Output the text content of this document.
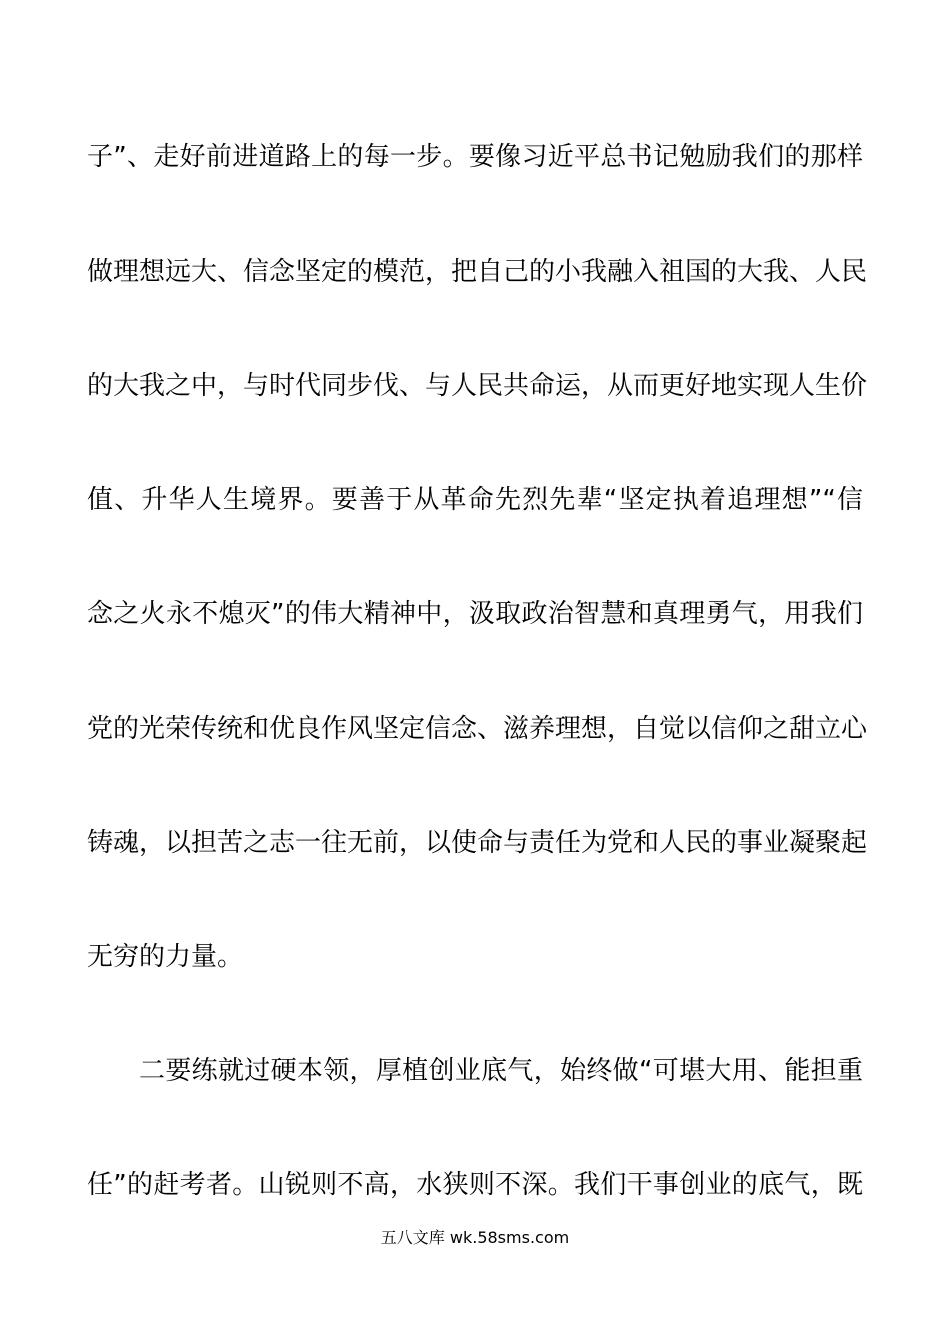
子”、走好前进道路上的每一步。要像习近平总书记勉励我们的那样
做理想远大、信念坚定的模范，把自己的小我融入祖国的大我、人民
的大我之中，与时代同步伐、与人民共命运，从而更好地实现人生价
值、升华人生境界。要善于从革命先烈先辈“坚定执着追理想”“信
念之火永不熄灭”的伟大精神中，汲取政治智慧和真理勇气，用我们
党的光荣传统和优良作风坚定信念、滋养理想，自觉以信仰之甜立心
铸魂，以担苦之志一往无前，以使命与责任为党和人民的事业凝聚起
无穷的力量。
二要练就过硬本领，厚植创业底气，始终做“可堪大用、能担重
任”的赶考者。山锐则不高，水狭则不深。我们干事创业的底气，既
五八文库 wk.58sms.com
